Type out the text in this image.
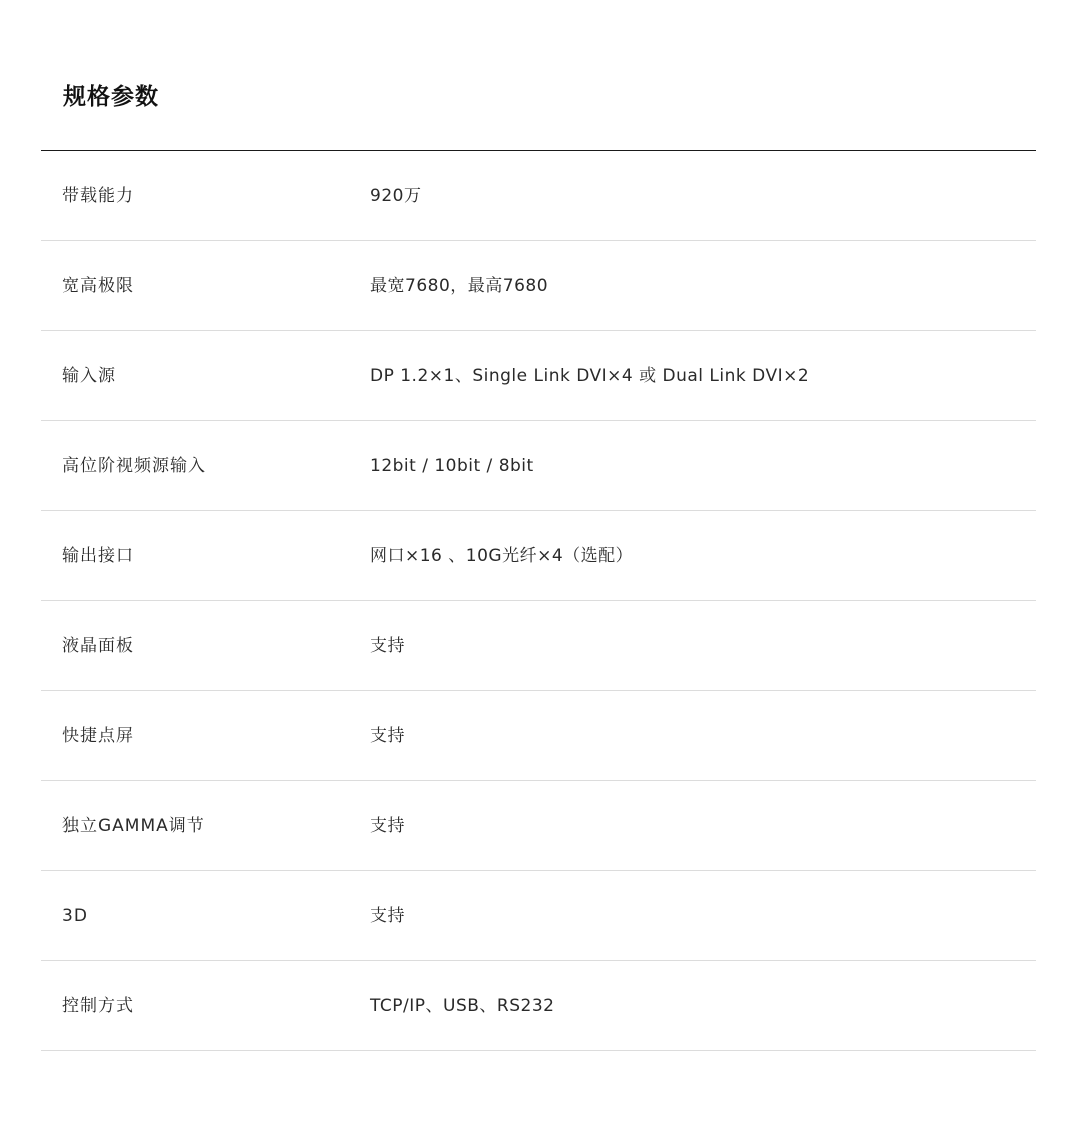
规格参数
带载能力	920万
宽高极限	最宽7680，最高7680
输入源	DP 1.2×1、Single Link DVI×4 或 Dual Link DVI×2
高位阶视频源输入	12bit / 10bit / 8bit
输出接口	网口×16 、10G光纤×4（选配）
液晶面板	支持
快捷点屏	支持
独立GAMMA调节	支持
3D	支持
控制方式	TCP/IP、USB、RS232
